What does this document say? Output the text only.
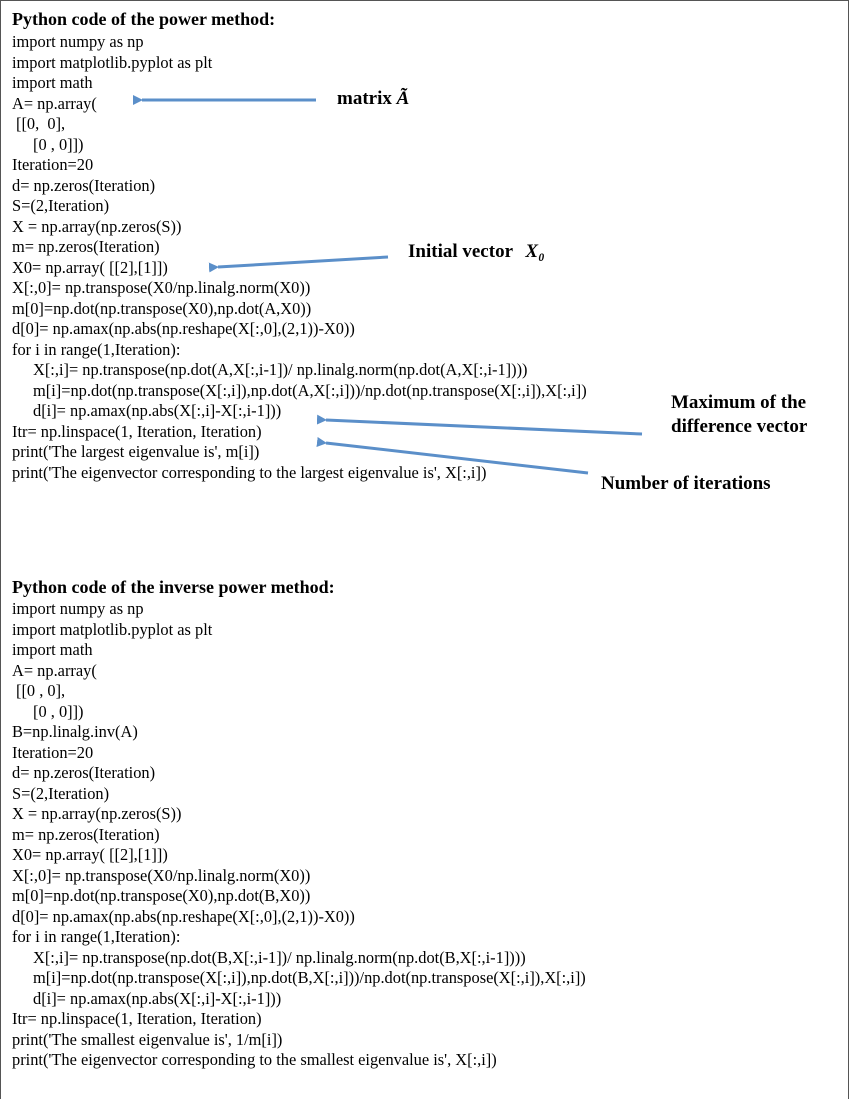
Python code of the power method:
import numpy as np
import matplotlib.pyplot as plt
import math
A= np.array(
[[0,  0],
[0 , 0]])
Iteration=20
d= np.zeros(Iteration)
S=(2,Iteration)
X = np.array(np.zeros(S))
m= np.zeros(Iteration)
X0= np.array( [[2],[1]])
X[:,0]= np.transpose(X0/np.linalg.norm(X0))
m[0]=np.dot(np.transpose(X0),np.dot(A,X0))
d[0]= np.amax(np.abs(np.reshape(X[:,0],(2,1))-X0))
for i in range(1,Iteration):
X[:,i]= np.transpose(np.dot(A,X[:,i-1])/ np.linalg.norm(np.dot(A,X[:,i-1])))
m[i]=np.dot(np.transpose(X[:,i]),np.dot(A,X[:,i]))/np.dot(np.transpose(X[:,i]),X[:,i])
d[i]= np.amax(np.abs(X[:,i]-X[:,i-1]))
Itr= np.linspace(1, Iteration, Iteration)
print('The largest eigenvalue is', m[i])
print('The eigenvector corresponding to the largest eigenvalue is', X[:,i])
matrix Ã
Initial vector X₀
Maximum of the
difference vector
Number of iterations
Python code of the inverse power method:
import numpy as np
import matplotlib.pyplot as plt
import math
A= np.array(
[[0 , 0],
[0 , 0]])
B=np.linalg.inv(A)
Iteration=20
d= np.zeros(Iteration)
S=(2,Iteration)
X = np.array(np.zeros(S))
m= np.zeros(Iteration)
X0= np.array( [[2],[1]])
X[:,0]= np.transpose(X0/np.linalg.norm(X0))
m[0]=np.dot(np.transpose(X0),np.dot(B,X0))
d[0]= np.amax(np.abs(np.reshape(X[:,0],(2,1))-X0))
for i in range(1,Iteration):
X[:,i]= np.transpose(np.dot(B,X[:,i-1])/ np.linalg.norm(np.dot(B,X[:,i-1])))
m[i]=np.dot(np.transpose(X[:,i]),np.dot(B,X[:,i]))/np.dot(np.transpose(X[:,i]),X[:,i])
d[i]= np.amax(np.abs(X[:,i]-X[:,i-1]))
Itr= np.linspace(1, Iteration, Iteration)
print('The smallest eigenvalue is', 1/m[i])
print('The eigenvector corresponding to the smallest eigenvalue is', X[:,i])
